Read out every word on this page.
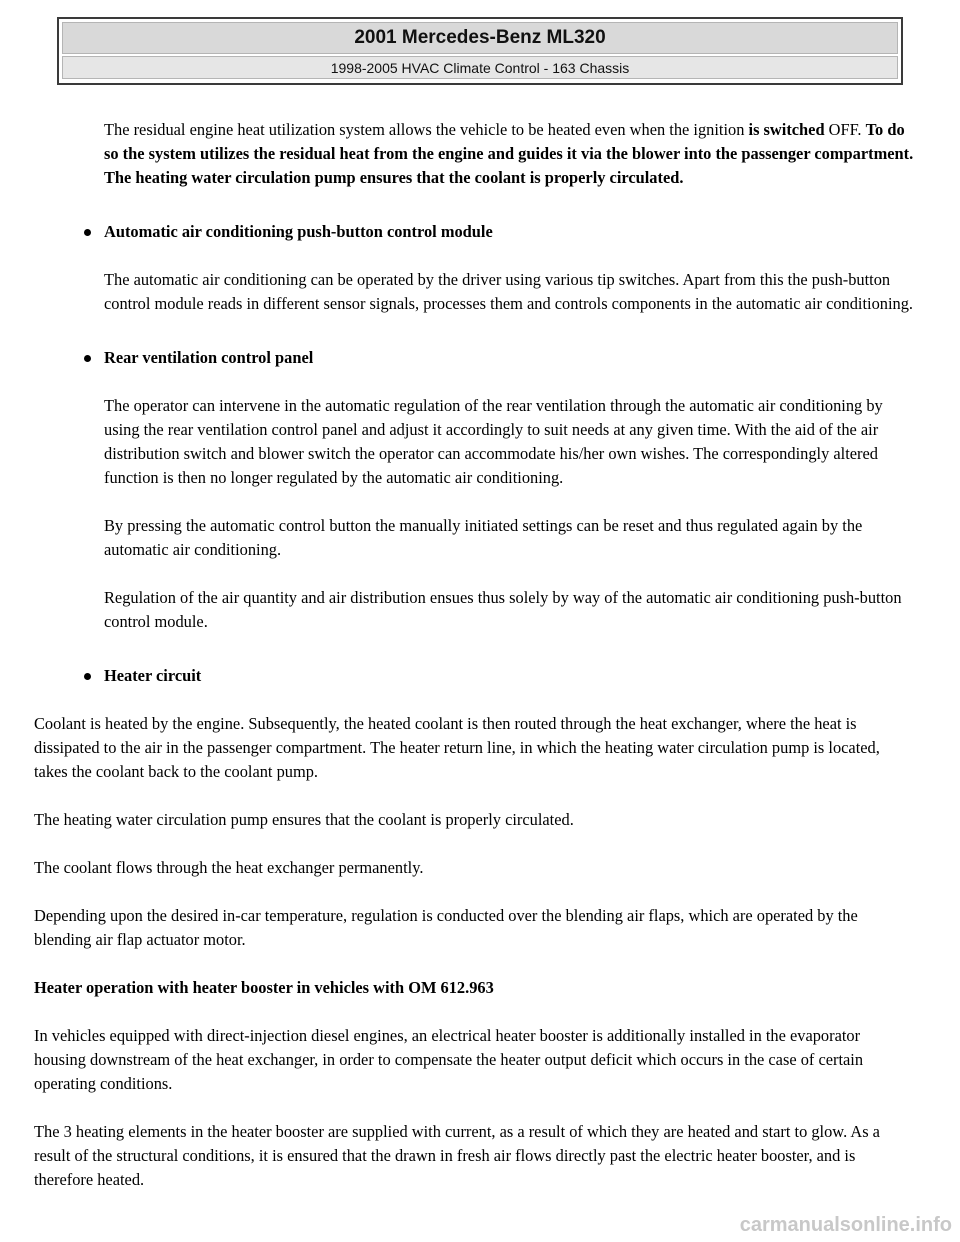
2001 Mercedes-Benz ML320
1998-2005 HVAC Climate Control - 163 Chassis

The residual engine heat utilization system allows the vehicle to be heated even when the ignition is switched OFF. To do so the system utilizes the residual heat from the engine and guides it via the blower into the passenger compartment. The heating water circulation pump ensures that the coolant is properly circulated.

Automatic air conditioning push-button control module

The automatic air conditioning can be operated by the driver using various tip switches. Apart from this the push-button control module reads in different sensor signals, processes them and controls components in the automatic air conditioning.

Rear ventilation control panel

The operator can intervene in the automatic regulation of the rear ventilation through the automatic air conditioning by using the rear ventilation control panel and adjust it accordingly to suit needs at any given time. With the aid of the air distribution switch and blower switch the operator can accommodate his/her own wishes. The correspondingly altered function is then no longer regulated by the automatic air conditioning.

By pressing the automatic control button the manually initiated settings can be reset and thus regulated again by the automatic air conditioning.

Regulation of the air quantity and air distribution ensues thus solely by way of the automatic air conditioning push-button control module.

Heater circuit

Coolant is heated by the engine. Subsequently, the heated coolant is then routed through the heat exchanger, where the heat is dissipated to the air in the passenger compartment. The heater return line, in which the heating water circulation pump is located, takes the coolant back to the coolant pump.

The heating water circulation pump ensures that the coolant is properly circulated.

The coolant flows through the heat exchanger permanently.

Depending upon the desired in-car temperature, regulation is conducted over the blending air flaps, which are operated by the blending air flap actuator motor.

Heater operation with heater booster in vehicles with OM 612.963

In vehicles equipped with direct-injection diesel engines, an electrical heater booster is additionally installed in the evaporator housing downstream of the heat exchanger, in order to compensate the heater output deficit which occurs in the case of certain operating conditions.

The 3 heating elements in the heater booster are supplied with current, as a result of which they are heated and start to glow. As a result of the structural conditions, it is ensured that the drawn in fresh air flows directly past the electric heater booster, and is therefore heated.

carmanualsonline.info
